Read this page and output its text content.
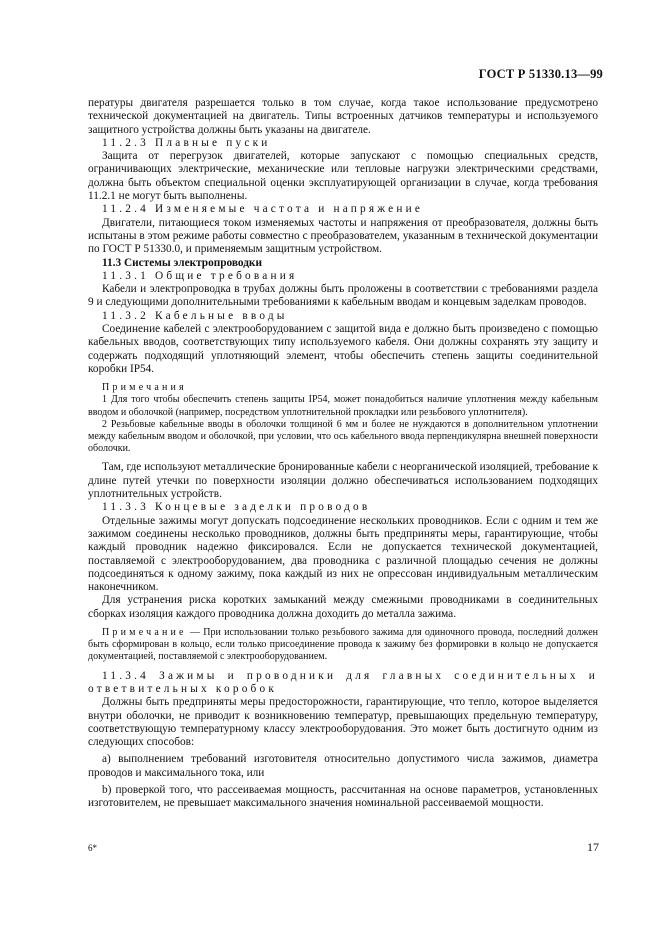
ГОСТ Р 51330.13—99

пературы двигателя разрешается только в том случае, когда такое использование предусмотрено технической документацией на двигатель. Типы встроенных датчиков температуры и используемого защитного устройства должны быть указаны на двигателе.

11.2.3 Плавные пуски

Защита от перегрузок двигателей, которые запускают с помощью специальных средств, ограничивающих электрические, механические или тепловые нагрузки электрическими средствами, должна быть объектом специальной оценки эксплуатирующей организации в случае, когда требования 11.2.1 не могут быть выполнены.

11.2.4 Изменяемые частота и напряжение

Двигатели, питающиеся током изменяемых частоты и напряжения от преобразователя, должны быть испытаны в этом режиме работы совместно с преобразователем, указанным в технической документации по ГОСТ Р 51330.0, и применяемым защитным устройством.

11.3 Системы электропроводки

11.3.1 Общие требования

Кабели и электропроводка в трубах должны быть проложены в соответствии с требованиями раздела 9 и следующими дополнительными требованиями к кабельным вводам и концевым заделкам проводов.

11.3.2 Кабельные вводы

Соединение кабелей с электрооборудованием с защитой вида е должно быть произведено с помощью кабельных вводов, соответствующих типу используемого кабеля. Они должны сохранять эту защиту и содержать подходящий уплотняющий элемент, чтобы обеспечить степень защиты соединительной коробки IP54.

Примечания

1 Для того чтобы обеспечить степень защиты IP54, может понадобиться наличие уплотнения между кабельным вводом и оболочкой (например, посредством уплотнительной прокладки или резьбового уплотнителя).

2 Резьбовые кабельные вводы в оболочки толщиной 6 мм и более не нуждаются в дополнительном уплотнении между кабельным вводом и оболочкой, при условии, что ось кабельного ввода перпендикулярна внешней поверхности оболочки.

Там, где используют металлические бронированные кабели с неорганической изоляцией, требование к длине путей утечки по поверхности изоляции должно обеспечиваться использованием подходящих уплотнительных устройств.

11.3.3 Концевые заделки проводов

Отдельные зажимы могут допускать подсоединение нескольких проводников. Если с одним и тем же зажимом соединены несколько проводников, должны быть предприняты меры, гарантирующие, чтобы каждый проводник надежно фиксировался. Если не допускается технической документацией, поставляемой с электрооборудованием, два проводника с различной площадью сечения не должны подсоединяться к одному зажиму, пока каждый из них не опрессован индивидуальным металлическим наконечником.

Для устранения риска коротких замыканий между смежными проводниками в соединительных сборках изоляция каждого проводника должна доходить до металла зажима.

Примечание — При использовании только резьбового зажима для одиночного провода, последний должен быть сформирован в кольцо, если только присоединение провода к зажиму без формировки в кольцо не допускается документацией, поставляемой с электрооборудованием.

11.3.4 Зажимы и проводники для главных соединительных и ответвительных коробок

Должны быть предприняты меры предосторожности, гарантирующие, что тепло, которое выделяется внутри оболочки, не приводит к возникновению температур, превышающих предельную температуру, соответствующую температурному классу электрооборудования. Это может быть достигнуто одним из следующих способов:

а) выполнением требований изготовителя относительно допустимого числа зажимов, диаметра проводов и максимального тока, или

b) проверкой того, что рассеиваемая мощность, рассчитанная на основе параметров, установленных изготовителем, не превышает максимального значения номинальной рассеиваемой мощности.

6*	17
